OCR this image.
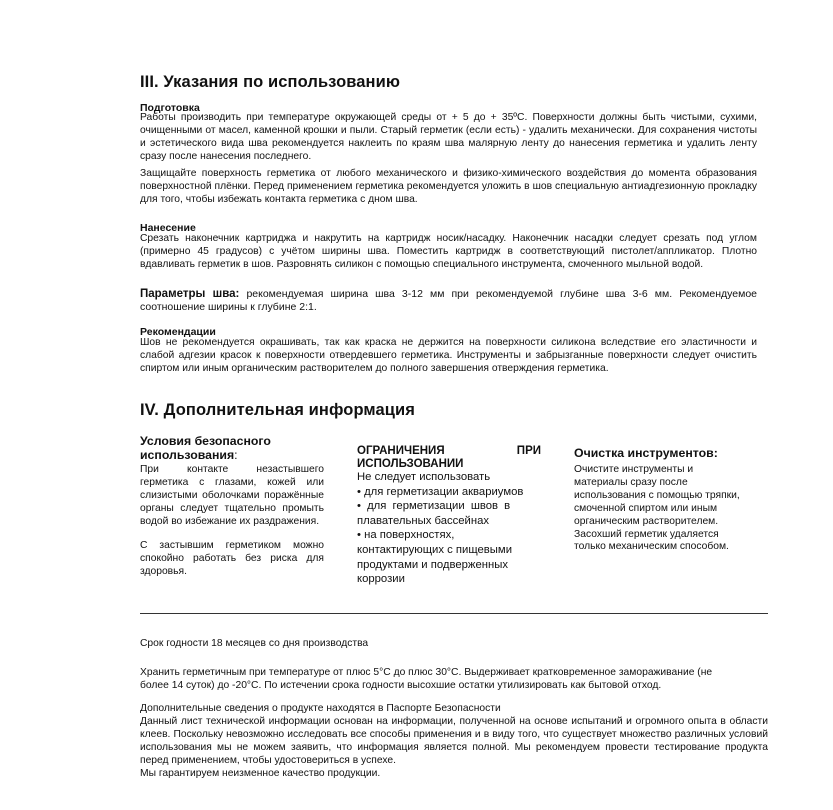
III. Указания по использованию
Подготовка
Работы производить при температуре окружающей среды от + 5 до + 35ºС. Поверхности должны быть чистыми, сухими, очищенными от масел, каменной крошки и пыли. Старый герметик (если есть) - удалить механически. Для сохранения чистоты и эстетического вида шва рекомендуется наклеить по краям шва малярную ленту до нанесения герметика и удалить ленту сразу после нанесения последнего.
Защищайте поверхность герметика от любого механического и физико-химического воздействия до момента образования поверхностной плёнки. Перед применением герметика рекомендуется уложить в шов специальную антиадгезионную прокладку для того, чтобы избежать контакта герметика с дном шва.
Нанесение
Срезать наконечник картриджа и накрутить на картридж носик/насадку. Наконечник насадки следует срезать под углом (примерно 45 градусов) с учётом ширины шва. Поместить картридж в соответствующий пистолет/аппликатор. Плотно вдавливать герметик в шов. Разровнять силикон с помощью специального инструмента, смоченного мыльной водой.
Параметры шва: рекомендуемая ширина шва 3-12 мм при рекомендуемой глубине шва 3-6 мм. Рекомендуемое соотношение ширины к глубине 2:1.
Рекомендации
Шов не рекомендуется окрашивать, так как краска не держится на поверхности силикона вследствие его эластичности и слабой адгезии красок к поверхности отвердевшего герметика. Инструменты и забрызганные поверхности следует очистить спиртом или иным органическим растворителем до полного завершения отверждения герметика.
IV. Дополнительная информация
Условия безопасного
использования:
При контакте незастывшего герметика с глазами, кожей или слизистыми оболочками поражённые органы следует тщательно промыть водой во избежание их раздражения.
С застывшим герметиком можно спокойно работать без риска для здоровья.
ОГРАНИЧЕНИЯ	ПРИ
ИСПОЛЬЗОВАНИИ
Не следует использовать
• для герметизации аквариумов
• для герметизации швов в
плавательных бассейнах
• на поверхностях,
контактирующих с пищевыми
продуктами и подверженных
коррозии
Очистка инструментов:
Очистите инструменты и
материалы сразу после
использования с помощью тряпки,
смоченной спиртом или иным
органическим растворителем.
Засохший герметик удаляется
только механическим способом.
Срок годности 18 месяцев со дня производства
Хранить герметичным при температуре от плюс 5°С до плюс 30°С. Выдерживает кратковременное замораживание (не
более 14 суток) до -20°С. По истечении срока годности высохшие остатки утилизировать как бытовой отход.
Дополнительные сведения о продукте находятся в Паспорте Безопасности
Данный лист технической информации основан на информации, полученной на основе испытаний и огромного опыта в области клеев. Поскольку невозможно исследовать все способы применения и в виду того, что существует множество различных условий использования мы не можем заявить, что информация является полной. Мы рекомендуем провести тестирование продукта перед применением, чтобы удостовериться в успехе.
Мы гарантируем неизменное качество продукции.
